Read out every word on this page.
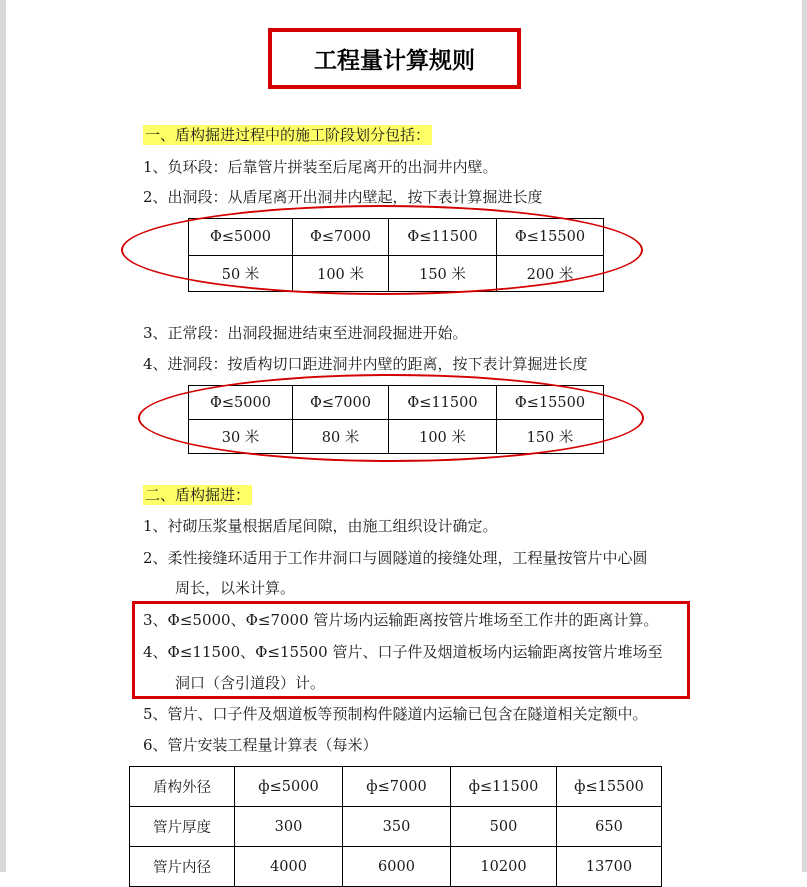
工程量计算规则
一、盾构掘进过程中的施工阶段划分包括：
1、负环段：后靠管片拼装至后尾离开的出洞井内壁。
2、出洞段：从盾尾离开出洞井内壁起，按下表计算掘进长度
Φ≤5000	Φ≤7000	Φ≤11500	Φ≤15500
50 米	100 米	150 米	200 米
3、正常段：出洞段掘进结束至进洞段掘进开始。
4、进洞段：按盾构切口距进洞井内壁的距离，按下表计算掘进长度
Φ≤5000	Φ≤7000	Φ≤11500	Φ≤15500
30 米	80 米	100 米	150 米
二、盾构掘进：
1、衬砌压浆量根据盾尾间隙，由施工组织设计确定。
2、柔性接缝环适用于工作井洞口与圆隧道的接缝处理，工程量按管片中心圆
周长，以米计算。
3、Φ≤5000、Φ≤7000 管片场内运输距离按管片堆场至工作井的距离计算。
4、Φ≤11500、Φ≤15500 管片、口子件及烟道板场内运输距离按管片堆场至
洞口（含引道段）计。
5、管片、口子件及烟道板等预制构件隧道内运输已包含在隧道相关定额中。
6、管片安装工程量计算表（每米）
盾构外径	ф≤5000	ф≤7000	ф≤11500	ф≤15500
管片厚度	300	350	500	650
管片内径	4000	6000	10200	13700
